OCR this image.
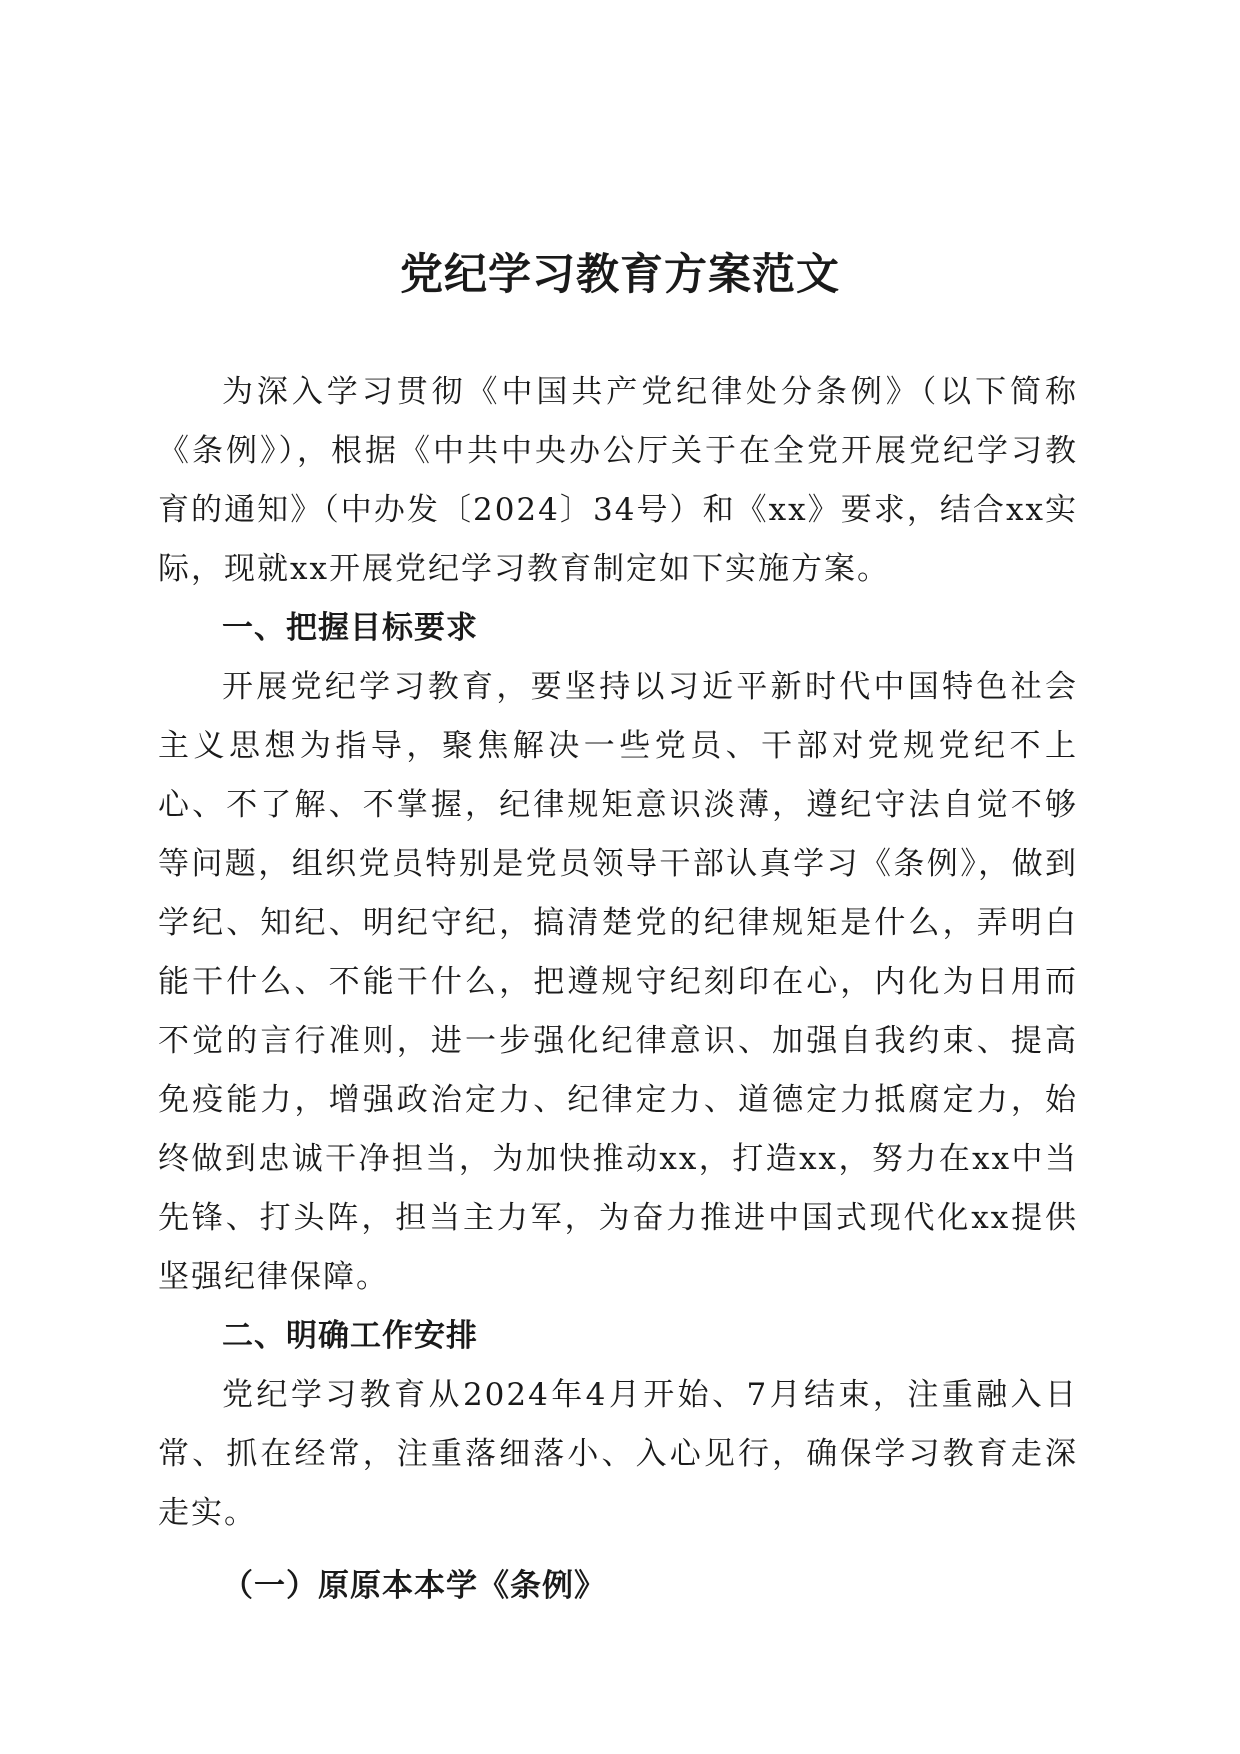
党纪学习教育方案范文

为深入学习贯彻《中国共产党纪律处分条例》（以下简称《条例》），根据《中共中央办公厅关于在全党开展党纪学习教育的通知》（中办发〔2024〕34号）和《xx》要求，结合xx实际，现就xx开展党纪学习教育制定如下实施方案。

一、把握目标要求

开展党纪学习教育，要坚持以习近平新时代中国特色社会主义思想为指导，聚焦解决一些党员、干部对党规党纪不上心、不了解、不掌握，纪律规矩意识淡薄，遵纪守法自觉不够等问题，组织党员特别是党员领导干部认真学习《条例》，做到学纪、知纪、明纪守纪，搞清楚党的纪律规矩是什么，弄明白能干什么、不能干什么，把遵规守纪刻印在心，内化为日用而不觉的言行准则，进一步强化纪律意识、加强自我约束、提高免疫能力，增强政治定力、纪律定力、道德定力抵腐定力，始终做到忠诚干净担当，为加快推动xx，打造xx，努力在xx中当先锋、打头阵，担当主力军，为奋力推进中国式现代化xx提供坚强纪律保障。

二、明确工作安排

党纪学习教育从2024年4月开始、7月结束，注重融入日常、抓在经常，注重落细落小、入心见行，确保学习教育走深走实。

（一）原原本本学《条例》
